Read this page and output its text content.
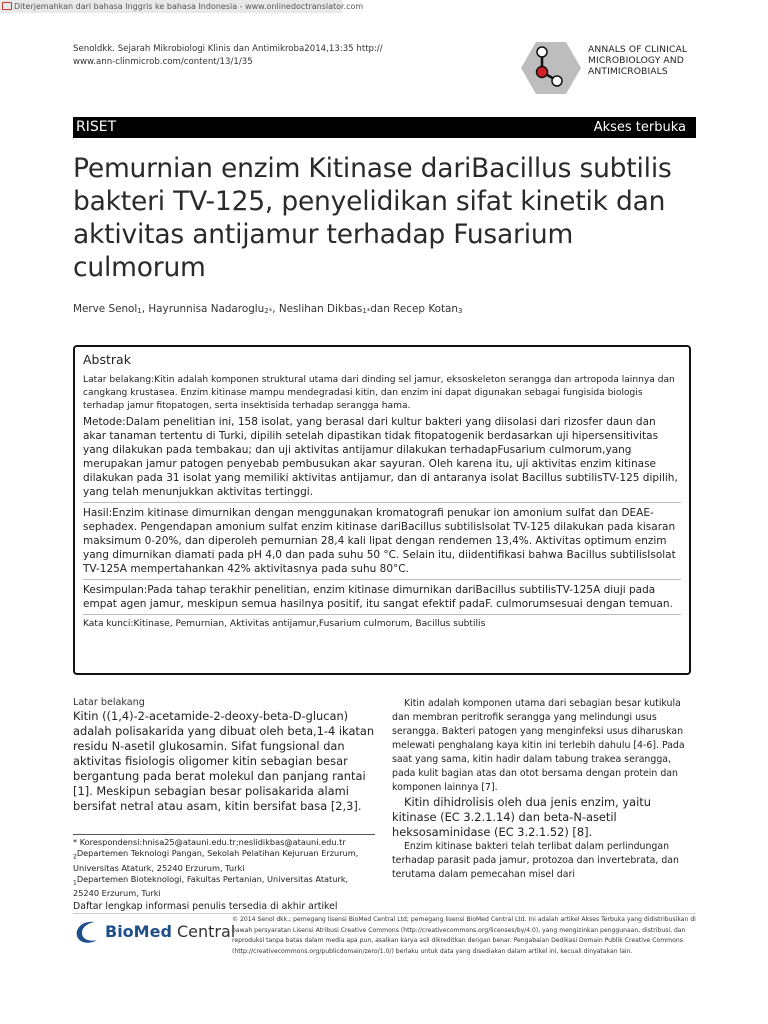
Diterjemahkan dari bahasa Inggris ke bahasa Indonesia - www.onlinedoctranslator.com
Senoldkk. Sejarah Mikrobiologi Klinis dan Antimikroba2014,13:35 http://
www.ann-clinmicrob.com/content/13/1/35
ANNALS OF CLINICAL
MICROBIOLOGY AND
ANTIMICROBIALS
RISET	Akses terbuka
Pemurnian enzim Kitinase dariBacillus subtilis bakteri TV-125, penyelidikan sifat kinetik dan aktivitas antijamur terhadap Fusarium culmorum
Merve Senol$_1$, Hayrunnisa Nadaroglu$_{2*}$, Neslihan Dikbas$_{1*}$dan Recep Kotan$_3$
Abstrak

Latar belakang:Kitin adalah komponen struktural utama dari dinding sel jamur, eksoskeleton serangga dan artropoda lainnya dan cangkang krustasea. Enzim kitinase mampu mendegradasi kitin, dan enzim ini dapat digunakan sebagai fungisida biologis terhadap jamur fitopatogen, serta insektisida terhadap serangga hama.

Metode:Dalam penelitian ini, 158 isolat, yang berasal dari kultur bakteri yang diisolasi dari rizosfer daun dan akar tanaman tertentu di Turki, dipilih setelah dipastikan tidak fitopatogenik berdasarkan uji hipersensitivitas yang dilakukan pada tembakau; dan uji aktivitas antijamur dilakukan terhadapFusarium culmorum,yang merupakan jamur patogen penyebab pembusukan akar sayuran. Oleh karena itu, uji aktivitas enzim kitinase dilakukan pada 31 isolat yang memiliki aktivitas antijamur, dan di antaranya isolat Bacillus subtilisTV-125 dipilih, yang telah menunjukkan aktivitas tertinggi.

Hasil:Enzim kitinase dimurnikan dengan menggunakan kromatografi penukar ion amonium sulfat dan DEAE-sephadex. Pengendapan amonium sulfat enzim kitinase dariBacillus subtilisIsolat TV-125 dilakukan pada kisaran maksimum 0-20%, dan diperoleh pemurnian 28,4 kali lipat dengan rendemen 13,4%. Aktivitas optimum enzim yang dimurnikan diamati pada pH 4,0 dan pada suhu 50 °C. Selain itu, diidentifikasi bahwa Bacillus subtilisIsolat TV-125A mempertahankan 42% aktivitasnya pada suhu 80°C.

Kesimpulan:Pada tahap terakhir penelitian, enzim kitinase dimurnikan dariBacillus subtilisTV-125A diuji pada empat agen jamur, meskipun semua hasilnya positif, itu sangat efektif padaF. culmorumsesuai dengan temuan.

Kata kunci:Kitinase, Pemurnian, Aktivitas antijamur,Fusarium culmorum, Bacillus subtilis

Latar belakang

Kitin ((1,4)-2-acetamide-2-deoxy-beta-D-glucan) adalah polisakarida yang dibuat oleh beta,1-4 ikatan residu N-asetil glukosamin. Sifat fungsional dan aktivitas fisiologis oligomer kitin sebagian besar bergantung pada berat molekul dan panjang rantai [1]. Meskipun sebagian besar polisakarida alami bersifat netral atau asam, kitin bersifat basa [2,3].

Kitin adalah komponen utama dari sebagian besar kutikula dan membran peritrofik serangga yang melindungi usus serangga. Bakteri patogen yang menginfeksi usus diharuskan melewati penghalang kaya kitin ini terlebih dahulu [4-6]. Pada saat yang sama, kitin hadir dalam tabung trakea serangga, pada kulit bagian atas dan otot bersama dengan protein dan komponen lainnya [7].

Kitin dihidrolisis oleh dua jenis enzim, yaitu kitinase (EC 3.2.1.14) dan beta-N-asetil heksosaminidase (EC 3.2.1.52) [8].

Enzim kitinase bakteri telah terlibat dalam perlindungan terhadap parasit pada jamur, protozoa dan invertebrata, dan terutama dalam pemecahan misel dari

* Korespondensi:hnisa25@atauni.edu.tr;neslidikbas@atauni.edu.tr

$_2$Departemen Teknologi Pangan, Sekolah Pelatihan Kejuruan Erzurum, Universitas Ataturk, 25240 Erzurum, Turki

$_1$Departemen Bioteknologi, Fakultas Pertanian, Universitas Ataturk, 25240 Erzurum, Turki

Daftar lengkap informasi penulis tersedia di akhir artikel

BioMed Central
© 2014 Senol dkk.; pemegang lisensi BioMed Central Ltd; pemegang lisensi BioMed Central Ltd. Ini adalah artikel Akses Terbuka yang didistribusikan di bawah persyaratan Lisensi Atribusi Creative Commons (http://creativecommons.org/licenses/by/4.0), yang mengizinkan penggunaan, distribusi, dan reproduksi tanpa batas dalam media apa pun, asalkan karya asli dikreditkan dengan benar. Pengabaian Dedikasi Domain Publik Creative Commons (http://creativecommons.org/publicdomain/zero/1.0/) berlaku untuk data yang disediakan dalam artikel ini, kecuali dinyatakan lain.
